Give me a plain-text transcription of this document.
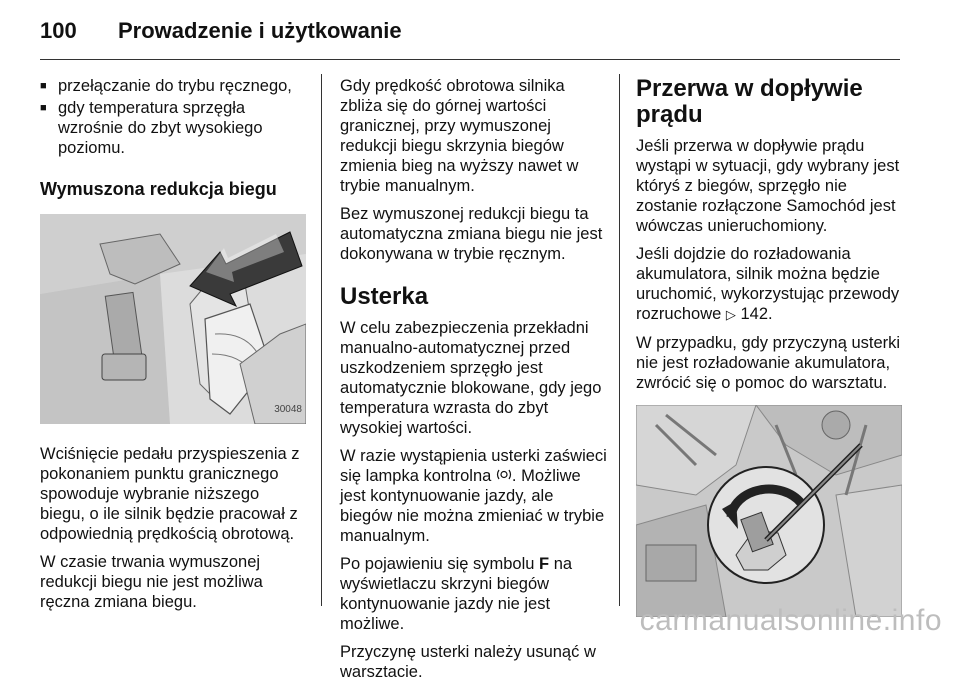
100 Prowadzenie i użytkowanie
■ przełączanie do trybu ręcznego,
■ gdy temperatura sprzęgła wzrośnie do zbyt wysokiego poziomu.
Wymuszona redukcja biegu
30048

Wciśnięcie pedału przyspieszenia z pokonaniem punktu granicznego spowoduje wybranie niższego biegu, o ile silnik będzie pracował z odpowiednią prędkością obrotową.

W czasie trwania wymuszonej redukcji biegu nie jest możliwa ręczna zmiana biegu.

Gdy prędkość obrotowa silnika zbliża się do górnej wartości granicznej, przy wymuszonej redukcji biegu skrzynia biegów zmienia bieg na wyższy nawet w trybie manualnym.

Bez wymuszonej redukcji biegu ta automatyczna zmiana biegu nie jest dokonywana w trybie ręcznym.

Usterka

W celu zabezpieczenia przekładni manualno-automatycznej przed uszkodzeniem sprzęgło jest automatycznie blokowane, gdy jego temperatura wzrasta do zbyt wysokiej wartości.

W razie wystąpienia usterki zaświeci się lampka kontrolna . Możliwe jest kontynuowanie jazdy, ale biegów nie można zmieniać w trybie manualnym.

Po pojawieniu się symbolu F na wyświetlaczu skrzyni biegów kontynuowanie jazdy nie jest możliwe.

Przyczynę usterki należy usunąć w warsztacie.

Przerwa w dopływie prądu

Jeśli przerwa w dopływie prądu wystąpi w sytuacji, gdy wybrany jest któryś z biegów, sprzęgło nie zostanie rozłączone Samochód jest wówczas unieruchomiony.

Jeśli dojdzie do rozładowania akumulatora, silnik można będzie uruchomić, wykorzystując przewody rozruchowe ▷ 142.

W przypadku, gdy przyczyną usterki nie jest rozładowanie akumulatora, zwrócić się o pomoc do warsztatu.

carmanualsonline.info
